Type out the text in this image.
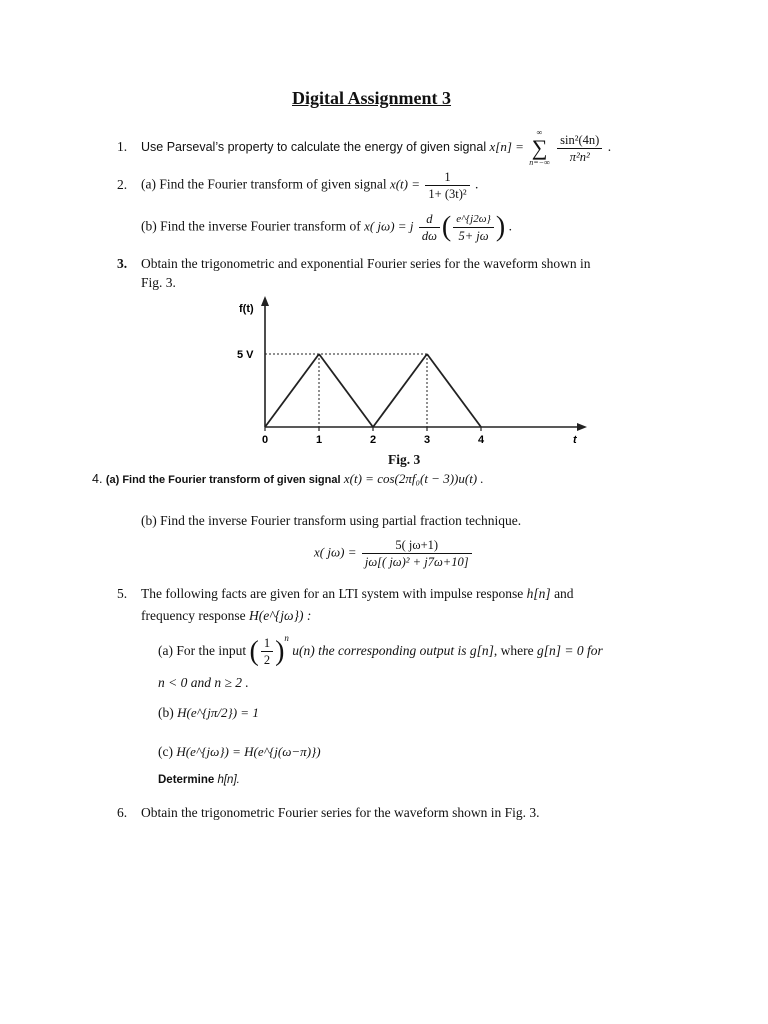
Digital Assignment 3
1. Use Parseval’s property to calculate the energy of given signal x[n] =
∞
∑
n=−∞
$\frac{\text{sin²(4n)}}{\text{π²n²}}$ .
2. (a) Find the Fourier transform of given signal $x(t) = \frac{1}{\text{1+ (3t)²}}$ .
(b) Find the inverse Fourier transform of x( jω) = j $\frac{d}{d\omega}$ ( $\frac{e\^{}\{j2\omega\}}{5+ j\omega}$ ) .
3. Obtain the trigonometric and exponential Fourier series for the waveform shown in
Fig. 3.
f(t)
t
5 V
0	1	2	3	4
Fig. 3
4. (a) Find the Fourier transform of given signal x(t) = cos(2πf₀(t − 3))u(t) .
(b) Find the inverse Fourier transform using partial fraction technique.
x( $j\omega) = \frac{5( j\omega+1)}{\text{jω[( jω)² + j7ω+10]}}$
5. The following facts are given for an LTI system with impulse response h[n] and
frequency response H(e^{jω}) :
(a) For the input ( $\frac{1}{2} )^n$ u(n) the corresponding output is g[n], where g[n] = 0 for
n < 0 and n ≥ 2 .
(b) H(e^{jπ/2}) = 1
(c) H(e^{jω}) = H(e^{j(ω−π)})
Determine h[n].
6. Obtain the trigonometric Fourier series for the waveform shown in Fig. 3.
